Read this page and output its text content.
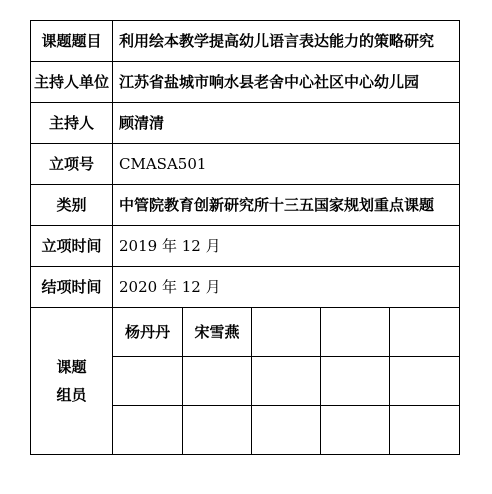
课题题目	利用绘本教学提高幼儿语言表达能力的策略研究				
主持人单位	江苏省盐城市响水县老舍中心社区中心幼儿园				
主持人	顾清清				
立项号	CMASA501				
类别	中管院教育创新研究所十三五国家规划重点课题				
立项时间	2019 年 12 月				
结项时间	2020 年 12 月				

课题
组员	杨丹丹	宋雪燕			
